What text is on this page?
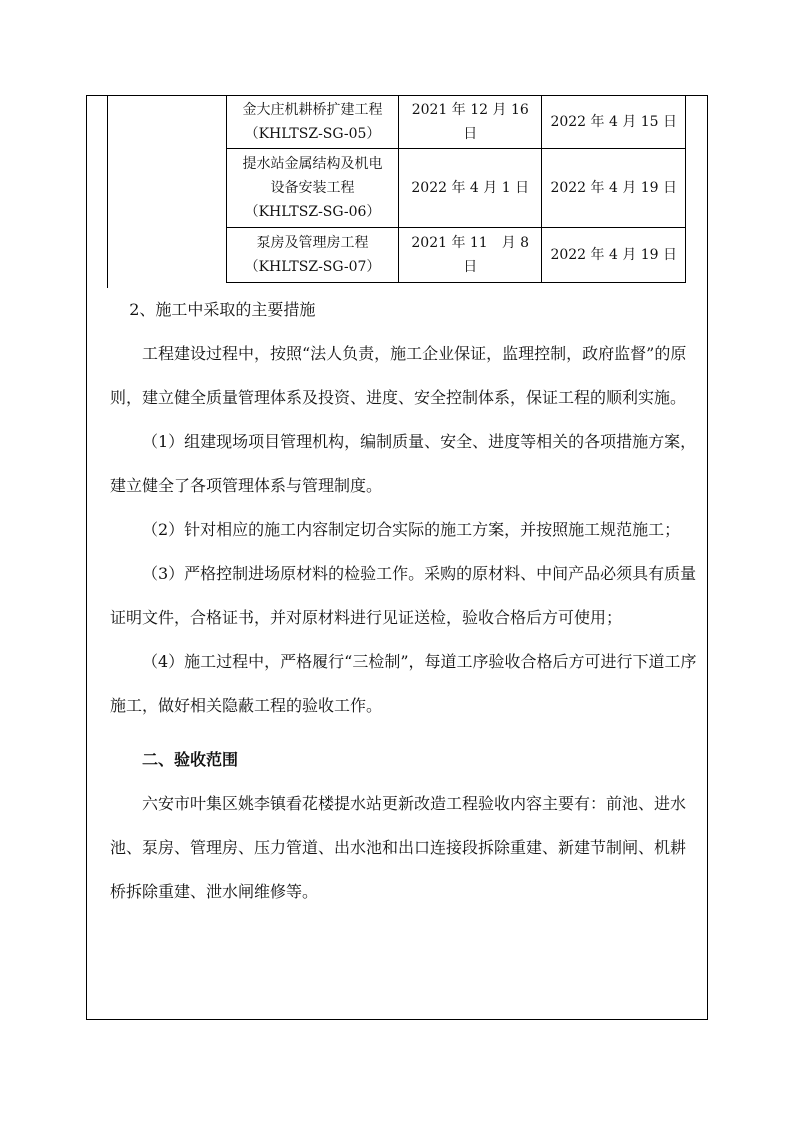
金大庄机耕桥扩建工程
（KHLTSZ-SG-05）	2021 年 12 月 16 日	2022 年 4 月 15 日

提水站金属结构及机电
设备安装工程
（KHLTSZ-SG-06）	2022 年 4 月 1 日	2022 年 4 月 19 日

泵房及管理房工程
（KHLTSZ-SG-07）	2021 年 11　月 8 日	2022 年 4 月 19 日

2、施工中采取的主要措施

工程建设过程中，按照“法人负责，施工企业保证，监理控制，政府监督”的原则，建立健全质量管理体系及投资、进度、安全控制体系，保证工程的顺利实施。

（1）组建现场项目管理机构，编制质量、安全、进度等相关的各项措施方案，建立健全了各项管理体系与管理制度。

（2）针对相应的施工内容制定切合实际的施工方案，并按照施工规范施工；

（3）严格控制进场原材料的检验工作。采购的原材料、中间产品必须具有质量证明文件，合格证书，并对原材料进行见证送检，验收合格后方可使用；

（4）施工过程中，严格履行“三检制”，每道工序验收合格后方可进行下道工序施工，做好相关隐蔽工程的验收工作。

二、验收范围

六安市叶集区姚李镇看花楼提水站更新改造工程验收内容主要有：前池、进水池、泵房、管理房、压力管道、出水池和出口连接段拆除重建、新建节制闸、机耕桥拆除重建、泄水闸维修等。
